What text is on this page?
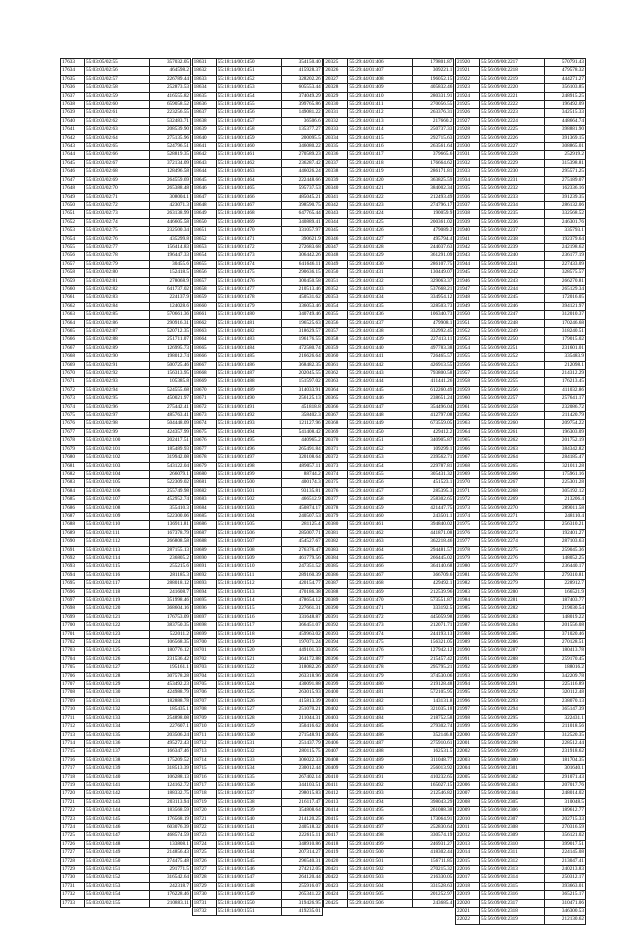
17633	55:03:05/02:55	357032.05
17634	55:03:03/02:56	464598.2
17635	55:03:03/02:57	226789.44
17636	55:03:03/02:58	252873.53
17637	55:03:03/02:59	416555.82
17638	55:03:03/02:60	659058.52
17639	55:03:03/02:61	223256.55
17640	55:03:03/02:62	532483.71
17641	55:03:03/02:63	208539.90
17642	55:03:03/02:64	275135.96
17643	55:03:03/02:65	524796.51
17644	55:03:03/02:66	528819.35
17645	55:03:03/02:67	372134.09
17646	55:03:03/02:68	128496.58
17647	55:03:03/02:69	264559.69
17648	55:03:03/02:70	265388.48
17649	55:03:03/02:71	308004.1
17650	55:03:03/02:72	423071.3
17651	55:03:03/02:73	263138.99
17652	55:03:03/02:74	446605.58
17653	55:03:03/02:75	232500.34
17654	55:03:03/02:76	435299.8
17655	55:03:03/02:77	156414.83
17656	55:03:03/02:78	196447.33
17657	55:03:03/02:79	30455.6
17658	55:03:03/02:80	152418.5
17659	55:03:03/02:81	278068.9
17660	55:03:03/02:82	641737.02
17661	55:03:03/02:83	224137.9
17662	55:03:03/02:84	124028.6
17663	55:03:03/02:85	570661.36
17664	55:03:03/02:86	290916.31
17665	55:03:03/02:87	520712.35
17666	55:03:03/02:88	251711.07
17667	55:03:03/02:89	126995.73
17668	55:03:03/02:90	198012.74
17669	55:03:03/02:91	500725.46
17670	55:03:03/02:92	156313.95
17671	55:03:03/02:93	105385.8
17672	55:03:03/02:94	524555.68
17673	55:03:03/02:95	450021.97
17674	55:03:03/02:96	275442.41
17675	55:03:03/02:97	485763.41
17676	55:03:03/02:98	504448.09
17677	55:03:03/02:99	424357.99
17678	55:03:03/02:100	202417.51
17679	55:03:03/02:101	185489.93
17680	55:03:03/02:102	319942.08
17681	55:03:03/02:103	543122.04
17682	55:03:03/02:104	266079.1
17683	55:03:03/02:105	522309.02
17684	55:03:03/02:106	255749.98
17685	55:03:03/02:107	452952.74
17686	55:03:03/02:108	355410.3
17687	55:03:03/02:109	522300.06
17688	55:03:03/02:110	136911.81
17689	55:03:03/02:111	167378.79
17690	55:03:03/02:112	266808.58
17691	55:03:03/02:113	287155.13
17692	55:03:03/02:114	236805.2
17693	55:03:03/02:115	255215.6
17694	55:03:03/02:116	281185.3
17695	55:03:03/02:117	288018.12
17696	55:03:03/02:118	241608.7
17697	55:03:03/02:119	351998.46
17698	55:03:03/02:120	368604.16
17699	55:03:03/02:121	176753.09
17700	55:03:03/02:122	383750.35
17701	55:03:03/02:123	522011.2
17702	55:03:03/02:124	106568.35
17703	55:03:03/02:125	180776.12
17704	55:03:03/02:126	231536.42
17705	55:03:03/02:127	195161.1
17706	55:03:03/02:128	307578.28
17707	55:03:03/02:129	453492.23
17708	55:03:03/02:130	424988.79
17709	55:03:03/02:131	182888.78
17710	55:03:03/02:132	185435.1
17711	55:03:03/02:133	254898.08
17712	55:03:03/02:134	227607.1
17713	55:03:03/02:135	203506.24
17714	55:03:03/02:136	495272.43
17715	55:03:03/02:137	166347.46
17716	55:03:03/02:138	175209.52
17717	55:03:03/02:139	318513.39
17718	55:03:03/02:140	106288.13
17719	55:03:03/02:141	124162.72
17720	55:03:03/02:142	188332.75
17721	55:03:03/02:143	203113.94
17722	55:03:03/02:144	183568.59
17723	55:03:03/02:145	176568.19
17724	55:03:03/02:146	603076.39
17725	55:03:03/02:147	468574.59
17726	55:03:03/02:148	133808.1
17727	55:03:03/02:149	214856.43
17728	55:03:03/02:150	274475.48
17729	55:03:03/02:151	291771.5
17730	55:03:03/02:152	316542.64
17731	55:03:03/02:153	242318.7
17732	55:03:03/02:154	176228.46
17733	55:03:03/02:155	210883.11
18631	55:18:14/00:1450	354150.40
18632	55:18:14/00:1451	415928.37
18633	55:18:14/00:1452	328202.26
18634	55:18:14/00:1453	605553.44
18635	55:18:14/00:1454	374049.29
18636	55:18:14/00:1455	399765.86
18637	55:18:14/00:1456	149081.22
18638	55:18:14/00:1457	36506.6
18639	55:18:14/00:1458	135377.27
18640	55:18:14/00:1459	200095.5
18641	55:18:14/00:1460	346080.22
18642	55:18:14/00:1461	270589.23
18643	55:18:14/00:1462	236287.42
18644	55:18:14/00:1463	446026.24
18645	55:18:14/00:1464	222448.66
18646	55:18:14/00:1465	595737.53
18647	55:18:14/00:1466	485045.21
18648	55:18:14/00:1467	398590.75
18649	55:18:14/00:1468	647765.44
18650	55:18:14/00:1469	340889.41
18651	55:18:14/00:1470	331057.97
18652	55:18:14/00:1471	390621.9
18653	55:18:14/00:1472	272683.68
18654	55:18:14/00:1473	306442.26
18655	55:18:14/00:1474	641646.11
18656	55:18:14/00:1475	290636.15
18657	55:18:14/00:1476	300450.58
18658	55:18:14/00:1477	210513.46
18659	55:18:14/00:1478	450531.62
18660	55:18:14/00:1479	336053.46
18661	55:18:14/00:1480	340749.46
18662	55:18:14/00:1481	196525.63
18663	55:18:14/00:1482	318629.57
18664	55:18:14/00:1483	196176.55
18665	55:18:14/00:1484	472580.74
18666	55:18:14/00:1485	216626.64
18667	55:18:14/00:1486	368482.35
18668	55:18:14/00:1487	202045.55
18669	55:18:14/00:1488	151597.02
18670	55:18:14/00:1489	314033.91
18671	55:18:14/00:1490	256125.13
18672	55:18:14/00:1491	451818.8
18673	55:18:14/00:1492	358402.3
18674	55:18:14/00:1493	121127.96
18675	55:18:14/00:1494	541408.42
18676	55:18:14/00:1495	440965.2
18677	55:18:14/00:1496	265491.84
18678	55:18:14/00:1497	320108.64
18679	55:18:14/00:1498	489057.11
18680	55:18:14/00:1499	88744.2
18681	55:18:14/00:1500	400174.3
18682	55:18:14/00:1501	93135.81
18683	55:18:14/00:1502	466512.9
18684	55:18:14/00:1503	450874.17
18685	55:18:14/00:1504	240507.53
18686	55:18:14/00:1505	281125.4
18687	55:18:14/00:1506	285007.71
18688	55:18:14/00:1507	454527.67
18689	55:18:14/00:1508	276376.47
18690	55:18:14/00:1509	461779.56
18691	55:18:14/00:1510	247351.52
18692	55:18:14/00:1511	289160.39
18693	55:18:14/00:1512	420154.77
18694	55:18:14/00:1513	470186.38
18695	55:18:14/00:1514	478654.12
18696	55:18:14/00:1515	227661.31
18697	55:18:14/00:1516	331648.87
18698	55:18:14/00:1517	366451.07
18699	55:18:14/00:1518	459963.02
18700	55:18:14/00:1519	197071.24
18701	55:18:14/00:1520	449101.33
18702	55:18:14/00:1521	364172.88
18703	55:18:14/00:1522	318082.26
18704	55:18:14/00:1523	263318.96
18705	55:18:14/00:1524	430091.88
18706	55:18:14/00:1525	263015.93
18707	55:18:14/00:1526	415813.39
18708	55:18:14/00:1527	251070.21
18709	55:18:14/00:1528	211044.31
18710	55:18:14/00:1529	350416.62
18711	55:18:14/00:1530	271548.91
18712	55:18:14/00:1531	251437.79
18713	55:18:14/00:1532	280115.75
18714	55:18:14/00:1533	306022.33
18715	55:18:14/00:1534	230012.44
18716	55:18:14/00:1535	267402.14
18717	55:18:14/00:1536	344103.51
18718	55:18:14/00:1537	298015.83
18719	55:18:14/00:1538	216117.47
18720	55:18:14/00:1539	354808.64
18721	55:18:14/00:1540	214120.25
18722	55:18:14/00:1541	240518.32
18723	55:18:14/00:1542	222615.11
18724	55:18:14/00:1543	348910.86
18725	55:18:14/00:1544	207314.27
18726	55:18:14/00:1545	296540.31
18727	55:18:14/00:1546	274212.05
18728	55:18:14/00:1547	264120.44
18729	55:18:14/00:1548	255916.07
18730	55:18:14/00:1549	265341.22
18731	55:18:14/00:1550	319426.95
18732	55:18:14/00:1551	419235.01
20325	55:29:44/01:406	179801.87
20326	55:29:44/01:407	309221.1
20327	55:29:44/01:408	196052.15
20328	55:29:44/01:409	405832.46
20329	55:29:44/01:410	280331.91
20330	55:29:44/01:411	270056.55
20331	55:29:44/01:412	263376.31
20332	55:29:44/01:413	217660.2
20333	55:29:44/01:414	250737.33
20334	55:29:44/01:415	292715.63
20335	55:29:44/01:416	263561.64
20336	55:29:44/01:417	379665.6
20337	55:29:44/01:418	176664.62
20338	55:29:44/01:419	286171.81
20339	55:29:44/01:420	363825.59
20340	55:29:44/01:421	384002.34
20341	55:29:44/01:422	212493.49
20342	55:29:44/01:423	274796.17
20343	55:29:44/01:424	190059.9
20344	55:29:44/01:425	200361.02
20345	55:29:44/01:426	479089.2
20346	55:29:44/01:427	495794.4
20347	55:29:44/01:428	244037.63
20348	55:29:44/01:429	361291.09
20349	55:29:44/01:430	286107.75
20350	55:29:44/01:431	130449.07
20351	55:29:44/01:432	329063.37
20352	55:29:44/01:433	537668.21
20353	55:29:44/01:434	334954.12
20354	55:29:44/01:435	328503.73
20355	55:29:44/01:436	106340.73
20356	55:29:44/01:437	479908.1
20357	55:29:44/01:438	332992.45
20358	55:29:44/01:439	227413.11
20359	55:29:44/01:440	497783.38
20360	55:29:44/01:441	726465.57
20361	55:29:44/01:442	426913.55
20362	55:29:44/01:443	793800.58
20363	55:29:44/01:444	411441.26
20364	55:29:44/01:445	612260.49
20365	55:29:44/01:446	238651.24
20366	55:29:44/01:447	354496.04
20367	55:29:44/01:448	412797.08
20368	55:29:44/01:449	673559.05
20369	55:29:44/01:450	429412.2
20370	55:29:44/01:451	340905.87
20371	55:29:44/01:452	109299.1
20372	55:29:44/01:453	239562.71
20373	55:29:44/01:454	229787.81
20374	55:29:44/01:455	305431.32
20375	55:29:44/01:456	451523.1
20376	55:29:44/01:457	285395.3
20377	55:29:44/01:458	258302.65
20378	55:29:44/01:459	421447.75
20379	55:29:44/01:460	243501.1
20380	55:29:44/01:461	394840.02
20381	55:29:44/01:462	441871.08
20382	55:29:44/01:463	362218.46
20383	55:29:44/01:464	294481.57
20384	55:29:44/01:465	266445.02
20385	55:29:44/01:466	364140.68
20386	55:29:44/01:467	366709.6
20387	55:29:44/01:468	429492.1
20388	55:29:44/01:469	212539.96
20389	55:29:44/01:470	573551.87
20390	55:29:44/01:471	333192.5
20391	55:29:44/01:472	445059.98
20392	55:29:44/01:473	212071.71
20393	55:29:44/01:474	244193.13
20394	55:29:44/01:475	156321.05
20395	55:29:44/01:476	127942.12
20396	55:29:44/01:477	215457.42
20397	55:29:44/01:478	295795.21
20398	55:29:44/01:479	374530.06
20399	55:29:44/01:480	219128.48
20400	55:29:44/01:481	572105.95
20401	55:29:44/01:482	143131.8
20402	55:29:44/01:483	321035.18
20403	55:29:44/01:484	218752.58
20404	55:29:44/01:485	279302.74
20405	55:29:44/01:486	352146.8
20406	55:29:44/01:487	275910.61
20407	55:29:44/01:488	162531.5
20408	55:29:44/01:489	311048.77
20409	55:29:44/01:490	256013.92
20410	55:29:44/01:491	410232.65
20411	55:29:44/01:492	165027.15
20412	55:29:44/01:493	212546.82
20413	55:29:44/01:494	398043.29
20414	55:29:44/01:495	261088.38
20415	55:29:44/01:496	173064.91
20416	55:29:44/01:497	252830.64
20417	55:29:44/01:498	330574.19
20418	55:29:44/01:499	246931.27
20419	55:29:44/01:500	418302.44
20420	55:29:44/01:501	156711.85
20421	55:29:44/01:502	270215.32
20422	55:29:44/01:503	216330.05
20423	55:29:44/01:504	331528.63
20424	55:29:44/01:505	201252.97
20425	55:29:44/01:506	243685.4
21920	55:56:09/00:2217	570791.43
21921	55:56:09/00:2218	479578.32
21922	55:56:09/00:2219	444271.27
21923	55:56:09/00:2220	356103.85
21924	55:56:09/00:2221	248915.25
21925	55:56:09/00:2222	196492.09
21926	55:56:09/00:2223	342515.33
21927	55:56:09/00:2224	448664.74
21928	55:56:09/00:2225	398881.90
21929	55:56:09/00:2226	391369.15
21930	55:56:09/00:2227	308865.01
21931	55:56:09/00:2228	252919.2
21932	55:56:09/00:2229	315398.81
21933	55:56:09/00:2230	295571.25
21934	55:56:09/00:2231	275189.07
21935	55:56:09/00:2232	162336.16
21936	55:56:09/00:2233	391239.35
21937	55:56:09/00:2234	286132.06
21938	55:56:09/00:2235	332568.52
21939	55:56:09/00:2236	246301.76
21940	55:56:09/00:2237	335793.1
21941	55:56:09/00:2238	192379.64
21942	55:56:09/00:2239	242198.62
21943	55:56:09/00:2240	236177.19
21944	55:56:09/00:2241	227433.09
21945	55:56:09/00:2242	328575.57
21946	55:56:09/00:2243	266270.81
21947	55:56:09/00:2244	265129.34
21948	55:56:09/00:2245	172016.05
21949	55:56:09/00:2246	394121.97
21950	55:56:09/00:2247	312010.37
21951	55:56:09/00:2248	170246.68
21952	55:56:09/00:2249	318240.51
21953	55:56:09/00:2250	179015.02
21954	55:56:09/00:2251	231601.01
21955	55:56:09/00:2252	335483.9
21956	55:56:09/00:2253	212098.1
21957	55:56:09/00:2254	214312.29
21958	55:56:09/00:2255	176213.45
21959	55:56:09/00:2256	411032.86
21960	55:56:09/00:2257	257641.17
21961	55:56:09/00:2258	232086.72
21962	55:56:09/00:2259	211420.79
21963	55:56:09/00:2260	209754.22
21964	55:56:09/00:2261	196303.09
21965	55:56:09/00:2262	201752.19
21966	55:56:09/00:2263	384342.82
21967	55:56:09/00:2264	284185.47
21968	55:56:09/00:2265	321011.28
21969	55:56:09/00:2266	175961.16
21970	55:56:09/00:2267	225301.28
21971	55:56:09/00:2268	305192.12
21972	55:56:09/00:2269	213206.4
21973	55:56:09/00:2270	289011.58
21974	55:56:09/00:2271	248110.4
21975	55:56:09/00:2272	256310.21
21976	55:56:09/00:2273	192401.27
21977	55:56:09/00:2274	287103.63
21978	55:56:09/00:2275	259045.36
21979	55:56:09/00:2276	148052.25
21980	55:56:09/00:2277	236440.17
21981	55:56:09/00:2278	279310.81
21982	55:56:09/00:2279	228912.7
21983	55:56:09/00:2280	166521.9
21984	55:56:09/00:2281	187403.77
21985	55:56:09/00:2282	219030.54
21986	55:56:09/00:2283	148019.22
21987	55:56:09/00:2284	201556.08
21988	55:56:09/00:2285	371020.46
21989	55:56:09/00:2286	270128.51
21990	55:56:09/00:2287	180413.78
21991	55:56:09/00:2288	259170.45
21992	55:56:09/00:2289	188016.2
21993	55:56:09/00:2290	342209.78
21994	55:56:09/00:2291	225116.89
21995	55:56:09/00:2292	320112.48
21996	55:56:09/00:2293	238070.13
21997	55:56:09/00:2294	365147.39
21998	55:56:09/00:2295	322431.1
21999	55:56:09/00:2296	211018.56
22000	55:56:09/00:2297	312520.35
22001	55:56:09/00:2298	228512.44
22002	55:56:09/00:2299	231918.62
22003	55:56:09/00:2300	181704.35
22004	55:56:09/00:2301	301640.1
22005	55:56:09/00:2302	291071.43
22006	55:56:09/00:2303	207017.76
22007	55:56:09/00:2304	248014.02
22008	55:56:09/00:2305	310048.5
22009	55:56:09/00:2306	189612.77
22010	55:56:09/00:2307	202715.33
22011	55:56:09/00:2308	270316.59
22012	55:56:09/00:2309	356121.02
22013	55:56:09/00:2310	399017.51
22014	55:56:09/00:2311	224145.08
22015	55:56:09/00:2312	213047.41
22016	55:56:09/00:2313	240213.83
22017	55:56:09/00:2314	250312.17
22018	55:56:09/00:2315	393663.01
22019	55:56:09/00:2316	365215.17
22020	55:56:09/00:2317	310471.06
22021	55:56:09/00:2318	346300.53
22022	55:56:09/00:2319	212130.62
